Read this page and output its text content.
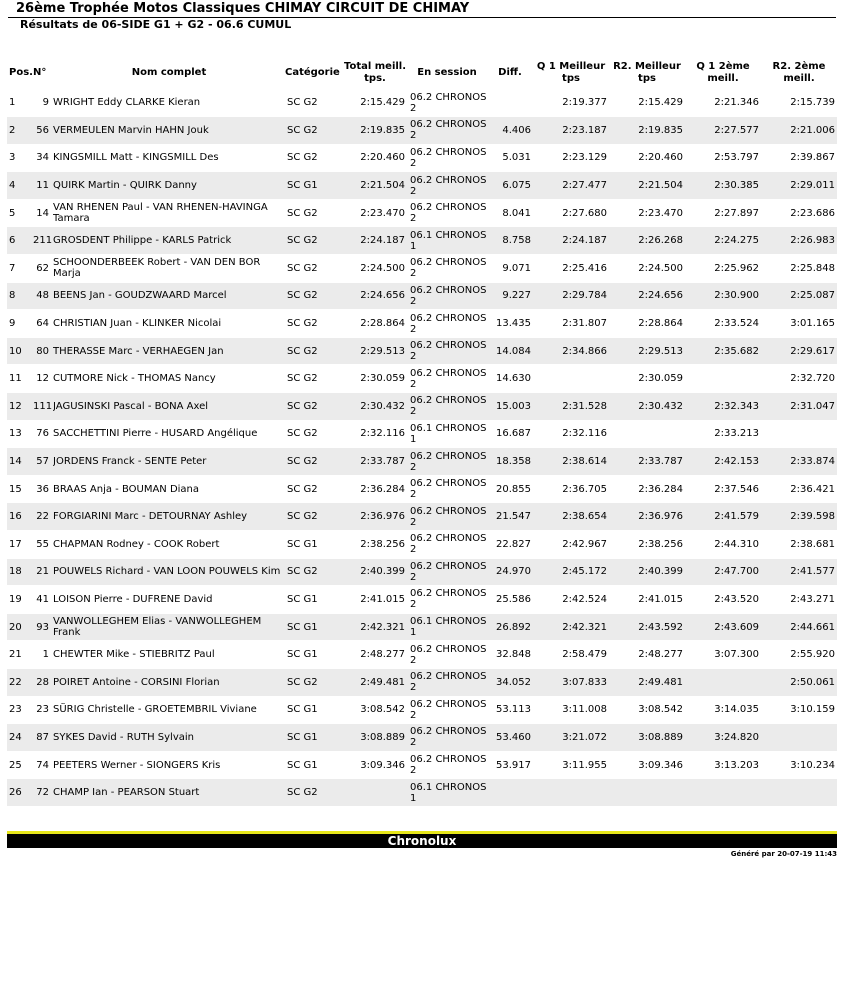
26ème Trophée Motos Classiques CHIMAY CIRCUIT DE CHIMAY
Résultats de 06-SIDE G1 + G2 - 06.6 CUMUL
Pos.	N°	Nom complet	Catégorie	Total meill. tps.	En session	Diff.	Q 1 Meilleur tps	R2. Meilleur tps	Q 1 2ème meill.	R2. 2ème meill.
1	9	WRIGHT Eddy CLARKE Kieran	SC G2	2:15.429	06.2 CHRONOS 2		2:19.377	2:15.429	2:21.346	2:15.739
2	56	VERMEULEN Marvin HAHN Jouk	SC G2	2:19.835	06.2 CHRONOS 2	4.406	2:23.187	2:19.835	2:27.577	2:21.006
3	34	KINGSMILL Matt - KINGSMILL Des	SC G2	2:20.460	06.2 CHRONOS 2	5.031	2:23.129	2:20.460	2:53.797	2:39.867
4	11	QUIRK Martin - QUIRK Danny	SC G1	2:21.504	06.2 CHRONOS 2	6.075	2:27.477	2:21.504	2:30.385	2:29.011
5	14	VAN RHENEN Paul - VAN RHENEN-HAVINGA Tamara	SC G2	2:23.470	06.2 CHRONOS 2	8.041	2:27.680	2:23.470	2:27.897	2:23.686
6	211	GROSDENT Philippe - KARLS Patrick	SC G2	2:24.187	06.1 CHRONOS 1	8.758	2:24.187	2:26.268	2:24.275	2:26.983
7	62	SCHOONDERBEEK Robert - VAN DEN BOR Marja	SC G2	2:24.500	06.2 CHRONOS 2	9.071	2:25.416	2:24.500	2:25.962	2:25.848
8	48	BEENS Jan - GOUDZWAARD Marcel	SC G2	2:24.656	06.2 CHRONOS 2	9.227	2:29.784	2:24.656	2:30.900	2:25.087
9	64	CHRISTIAN Juan - KLINKER Nicolai	SC G2	2:28.864	06.2 CHRONOS 2	13.435	2:31.807	2:28.864	2:33.524	3:01.165
10	80	THERASSE Marc - VERHAEGEN Jan	SC G2	2:29.513	06.2 CHRONOS 2	14.084	2:34.866	2:29.513	2:35.682	2:29.617
11	12	CUTMORE Nick - THOMAS Nancy	SC G2	2:30.059	06.2 CHRONOS 2	14.630		2:30.059		2:32.720
12	111	JAGUSINSKI Pascal - BONA Axel	SC G2	2:30.432	06.2 CHRONOS 2	15.003	2:31.528	2:30.432	2:32.343	2:31.047
13	76	SACCHETTINI Pierre - HUSARD Angélique	SC G2	2:32.116	06.1 CHRONOS 1	16.687	2:32.116		2:33.213	
14	57	JORDENS Franck - SENTE Peter	SC G2	2:33.787	06.2 CHRONOS 2	18.358	2:38.614	2:33.787	2:42.153	2:33.874
15	36	BRAAS Anja - BOUMAN Diana	SC G2	2:36.284	06.2 CHRONOS 2	20.855	2:36.705	2:36.284	2:37.546	2:36.421
16	22	FORGIARINI Marc - DETOURNAY Ashley	SC G2	2:36.976	06.2 CHRONOS 2	21.547	2:38.654	2:36.976	2:41.579	2:39.598
17	55	CHAPMAN Rodney - COOK Robert	SC G1	2:38.256	06.2 CHRONOS 2	22.827	2:42.967	2:38.256	2:44.310	2:38.681
18	21	POUWELS Richard - VAN LOON POUWELS Kim	SC G2	2:40.399	06.2 CHRONOS 2	24.970	2:45.172	2:40.399	2:47.700	2:41.577
19	41	LOISON Pierre - DUFRENE David	SC G1	2:41.015	06.2 CHRONOS 2	25.586	2:42.524	2:41.015	2:43.520	2:43.271
20	93	VANWOLLEGHEM Elias - VANWOLLEGHEM Frank	SC G1	2:42.321	06.1 CHRONOS 1	26.892	2:42.321	2:43.592	2:43.609	2:44.661
21	1	CHEWTER Mike - STIEBRITZ Paul	SC G1	2:48.277	06.2 CHRONOS 2	32.848	2:58.479	2:48.277	3:07.300	2:55.920
22	28	POIRET Antoine - CORSINI Florian	SC G2	2:49.481	06.2 CHRONOS 2	34.052	3:07.833	2:49.481		2:50.061
23	23	SÜRIG Christelle - GROETEMBRIL Viviane	SC G1	3:08.542	06.2 CHRONOS 2	53.113	3:11.008	3:08.542	3:14.035	3:10.159
24	87	SYKES David - RUTH Sylvain	SC G1	3:08.889	06.2 CHRONOS 2	53.460	3:21.072	3:08.889	3:24.820	
25	74	PEETERS Werner - SIONGERS Kris	SC G1	3:09.346	06.2 CHRONOS 2	53.917	3:11.955	3:09.346	3:13.203	3:10.234
26	72	CHAMP Ian - PEARSON Stuart	SC G2		06.1 CHRONOS 1					
Chronolux
Généré par 20-07-19 11:43
